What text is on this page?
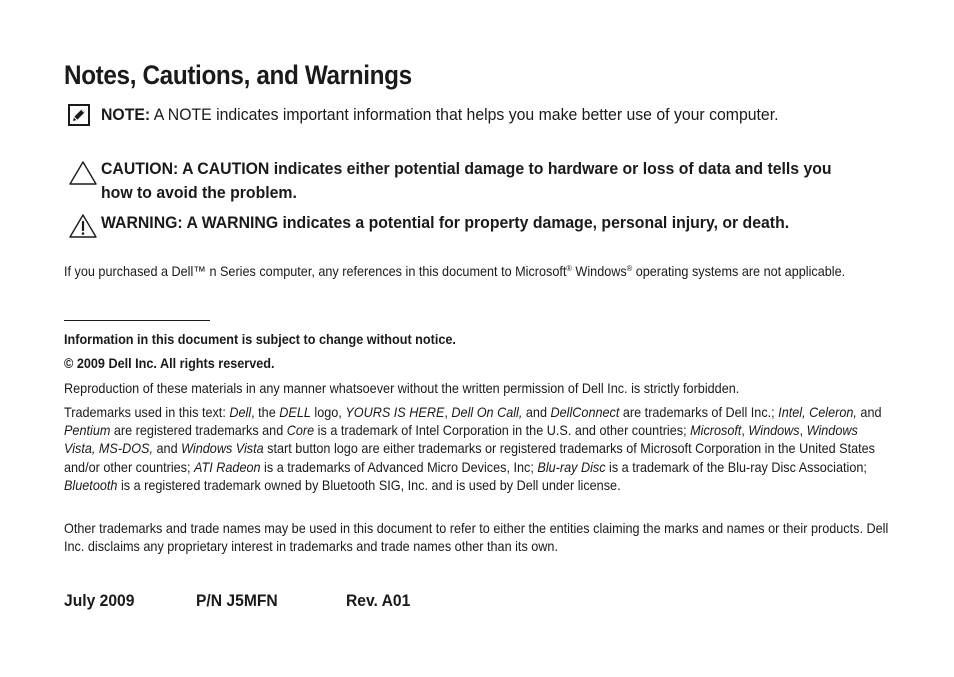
Notes, Cautions, and Warnings
NOTE: A NOTE indicates important information that helps you make better use of your computer.
CAUTION: A CAUTION indicates either potential damage to hardware or loss of data and tells you how to avoid the problem.
WARNING: A WARNING indicates a potential for property damage, personal injury, or death.
If you purchased a Dell™ n Series computer, any references in this document to Microsoft® Windows® operating systems are not applicable.
Information in this document is subject to change without notice.
© 2009 Dell Inc. All rights reserved.
Reproduction of these materials in any manner whatsoever without the written permission of Dell Inc. is strictly forbidden.
Trademarks used in this text: Dell, the DELL logo, YOURS IS HERE, Dell On Call, and DellConnect are trademarks of Dell Inc.; Intel, Celeron, and Pentium are registered trademarks and Core is a trademark of Intel Corporation in the U.S. and other countries; Microsoft, Windows, Windows Vista, MS-DOS, and Windows Vista start button logo are either trademarks or registered trademarks of Microsoft Corporation in the United States and/or other countries; ATI Radeon is a trademarks of Advanced Micro Devices, Inc; Blu-ray Disc is a trademark of the Blu-ray Disc Association; Bluetooth is a registered trademark owned by Bluetooth SIG, Inc. and is used by Dell under license.
Other trademarks and trade names may be used in this document to refer to either the entities claiming the marks and names or their products. Dell Inc. disclaims any proprietary interest in trademarks and trade names other than its own.
July 2009	P/N J5MFN	Rev. A01
